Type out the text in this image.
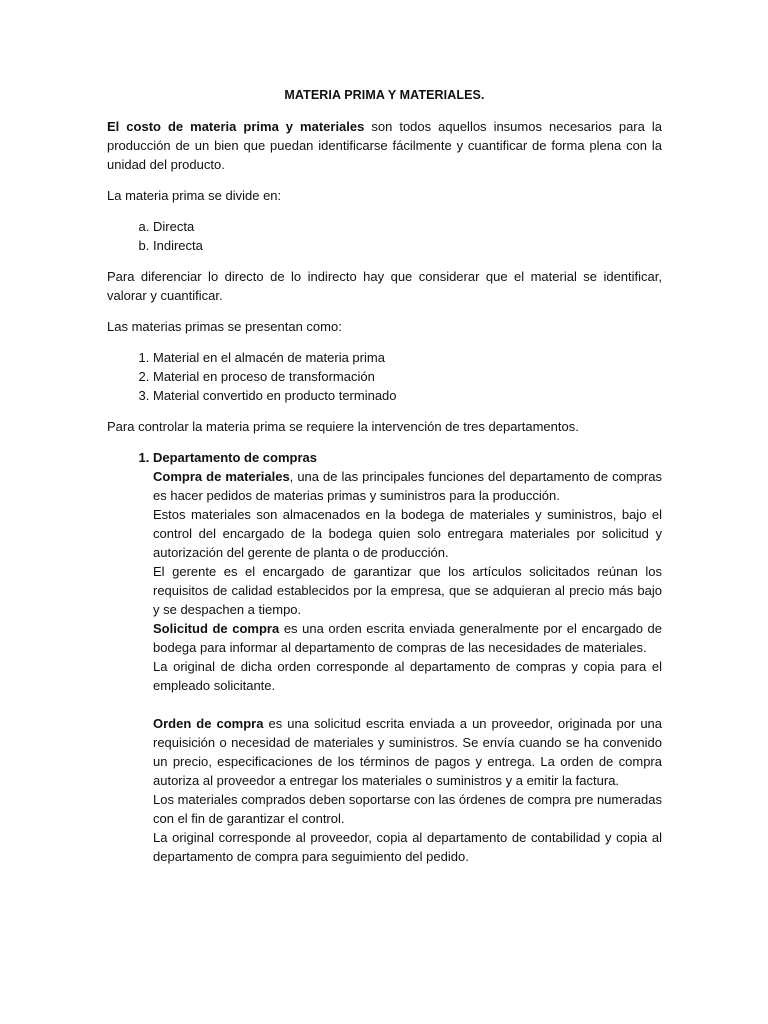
MATERIA PRIMA Y MATERIALES.

El costo de materia prima y materiales son todos aquellos insumos necesarios para la producción de un bien que puedan identificarse fácilmente y cuantificar de forma plena con la unidad del producto.

La materia prima se divide en:

a. Directa
b. Indirecta

Para diferenciar lo directo de lo indirecto hay que considerar que el material se identificar, valorar y cuantificar.

Las materias primas se presentan como:

1. Material en el almacén de materia prima
2. Material en proceso de transformación
3. Material convertido en producto terminado

Para controlar la materia prima se requiere la intervención de tres departamentos.

1. Departamento de compras

Compra de materiales, una de las principales funciones del departamento de compras es hacer pedidos de materias primas y suministros para la producción.

Estos materiales son almacenados en la bodega de materiales y suministros, bajo el control del encargado de la bodega quien solo entregara materiales por solicitud y autorización del gerente de planta o de producción.

El gerente es el encargado de garantizar que los artículos solicitados reúnan los requisitos de calidad establecidos por la empresa, que se adquieran al precio más bajo y se despachen a tiempo.

Solicitud de compra es una orden escrita enviada generalmente por el encargado de bodega para informar al departamento de compras de las necesidades de materiales.

La original de dicha orden corresponde al departamento de compras y copia para el empleado solicitante.

Orden de compra es una solicitud escrita enviada a un proveedor, originada por una requisición o necesidad de materiales y suministros. Se envía cuando se ha convenido un precio, especificaciones de los términos de pagos y entrega. La orden de compra autoriza al proveedor a entregar los materiales o suministros y a emitir la factura.

Los materiales comprados deben soportarse con las órdenes de compra pre numeradas con el fin de garantizar el control.

La original corresponde al proveedor, copia al departamento de contabilidad y copia al departamento de compra para seguimiento del pedido.
